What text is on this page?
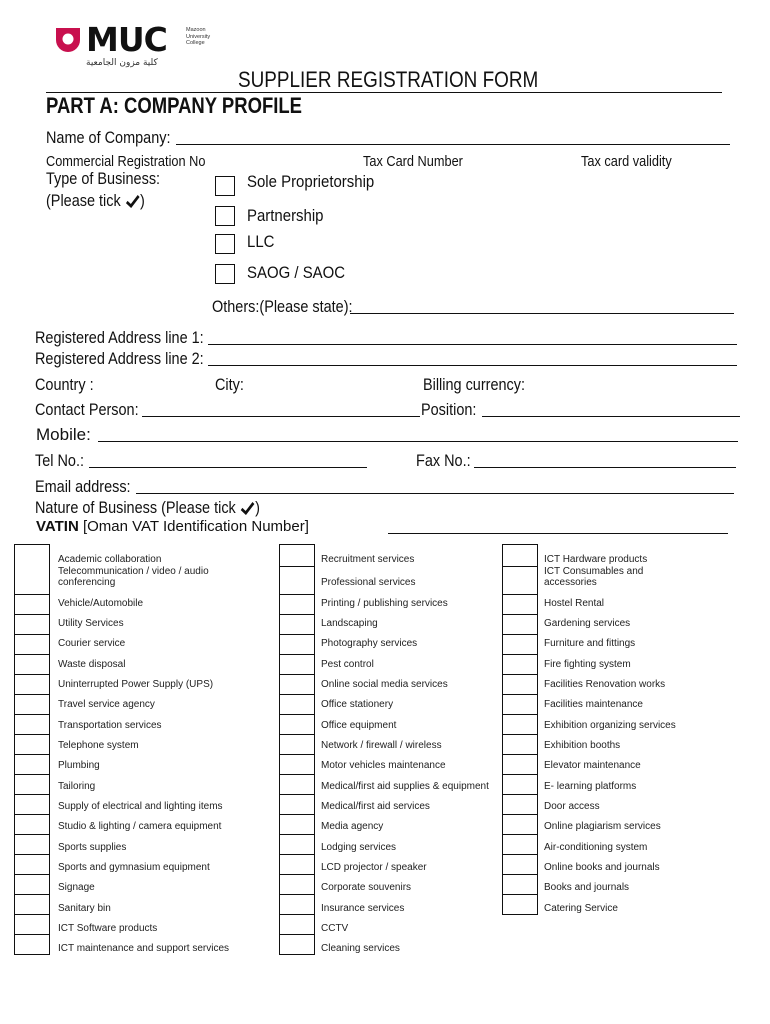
MUC	Mazoon
University
College
كلية مزون الجامعية
SUPPLIER REGISTRATION FORM
PART A: COMPANY PROFILE
Name of Company:
Commercial Registration No	Tax Card Number	Tax card validity
Type of Business:
(Please tick )
Sole Proprietorship
Partnership
LLC
SAOG / SAOC
Others:(Please state):
Registered Address line 1:
Registered Address line 2:
Country :	City:	Billing currency:
Contact Person:	Position:
Mobile:
Tel No.:	Fax No.:
Email address:
Nature of Business (Please tick )
VATIN [Oman VAT Identification Number]
Academic collaboration
Telecommunication / video / audio
conferencing
Vehicle/Automobile
Utility Services
Courier service
Waste disposal
Uninterrupted Power Supply (UPS)
Travel service agency
Transportation services
Telephone system
Plumbing
Tailoring
Supply of electrical and lighting items
Studio & lighting / camera equipment
Sports supplies
Sports and gymnasium equipment
Signage
Sanitary bin
ICT Software products
ICT maintenance and support services
Recruitment services
Professional services
Printing / publishing services
Landscaping
Photography services
Pest control
Online social media services
Office stationery
Office equipment
Network / firewall / wireless
Motor vehicles maintenance
Medical/first aid supplies & equipment
Medical/first aid services
Media agency
Lodging services
LCD projector / speaker
Corporate souvenirs
Insurance services
CCTV
Cleaning services
ICT Hardware products
ICT Consumables and
accessories
Hostel Rental
Gardening services
Furniture and fittings
Fire fighting system
Facilities Renovation works
Facilities maintenance
Exhibition organizing services
Exhibition booths
Elevator maintenance
E- learning platforms
Door access
Online plagiarism services
Air-conditioning system
Online books and journals
Books and journals
Catering Service
